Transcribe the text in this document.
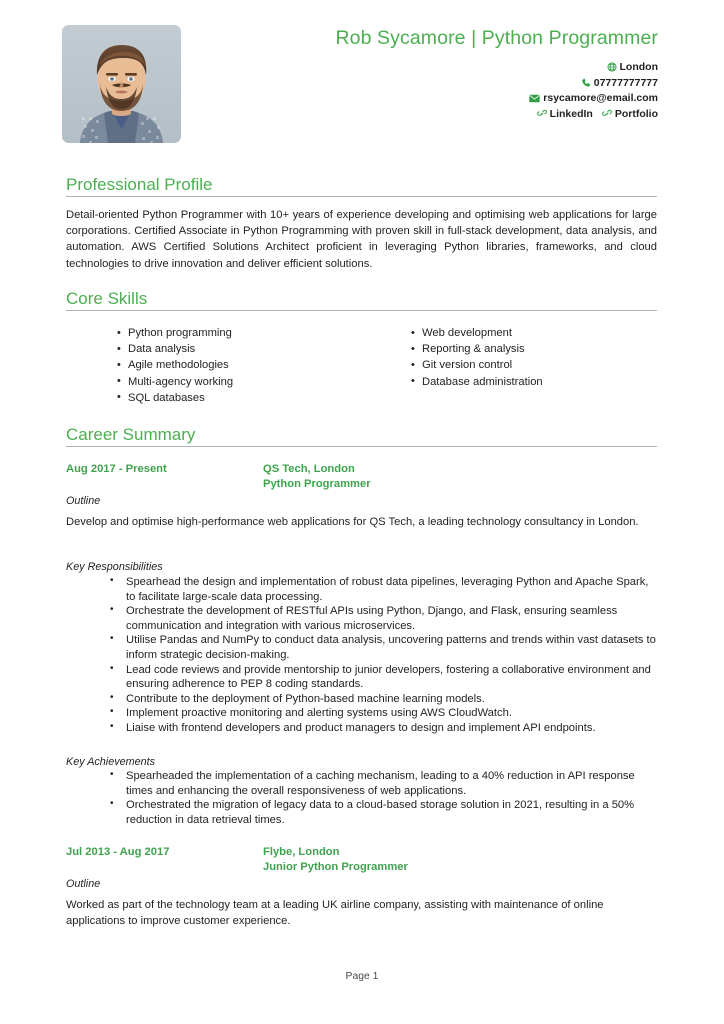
Rob Sycamore | Python Programmer
London
07777777777
rsycamore@email.com
LinkedIn Portfolio
Professional Profile
Detail-oriented Python Programmer with 10+ years of experience developing and optimising web applications for large corporations. Certified Associate in Python Programming with proven skill in full-stack development, data analysis, and automation. AWS Certified Solutions Architect proficient in leveraging Python libraries, frameworks, and cloud technologies to drive innovation and deliver efficient solutions.
Core Skills
• Python programming
• Data analysis
• Agile methodologies
• Multi-agency working
• SQL databases
• Web development
• Reporting & analysis
• Git version control
• Database administration
Career Summary
Aug 2017 - Present	QS Tech, London
Python Programmer
Outline
Develop and optimise high-performance web applications for QS Tech, a leading technology consultancy in London.
Key Responsibilities
• Spearhead the design and implementation of robust data pipelines, leveraging Python and Apache Spark, to facilitate large-scale data processing.
• Orchestrate the development of RESTful APIs using Python, Django, and Flask, ensuring seamless communication and integration with various microservices.
• Utilise Pandas and NumPy to conduct data analysis, uncovering patterns and trends within vast datasets to inform strategic decision-making.
• Lead code reviews and provide mentorship to junior developers, fostering a collaborative environment and ensuring adherence to PEP 8 coding standards.
• Contribute to the deployment of Python-based machine learning models.
• Implement proactive monitoring and alerting systems using AWS CloudWatch.
• Liaise with frontend developers and product managers to design and implement API endpoints.
Key Achievements
• Spearheaded the implementation of a caching mechanism, leading to a 40% reduction in API response times and enhancing the overall responsiveness of web applications.
• Orchestrated the migration of legacy data to a cloud-based storage solution in 2021, resulting in a 50% reduction in data retrieval times.
Jul 2013 - Aug 2017	Flybe, London
Junior Python Programmer
Outline
Worked as part of the technology team at a leading UK airline company, assisting with maintenance of online applications to improve customer experience.
Page 1
